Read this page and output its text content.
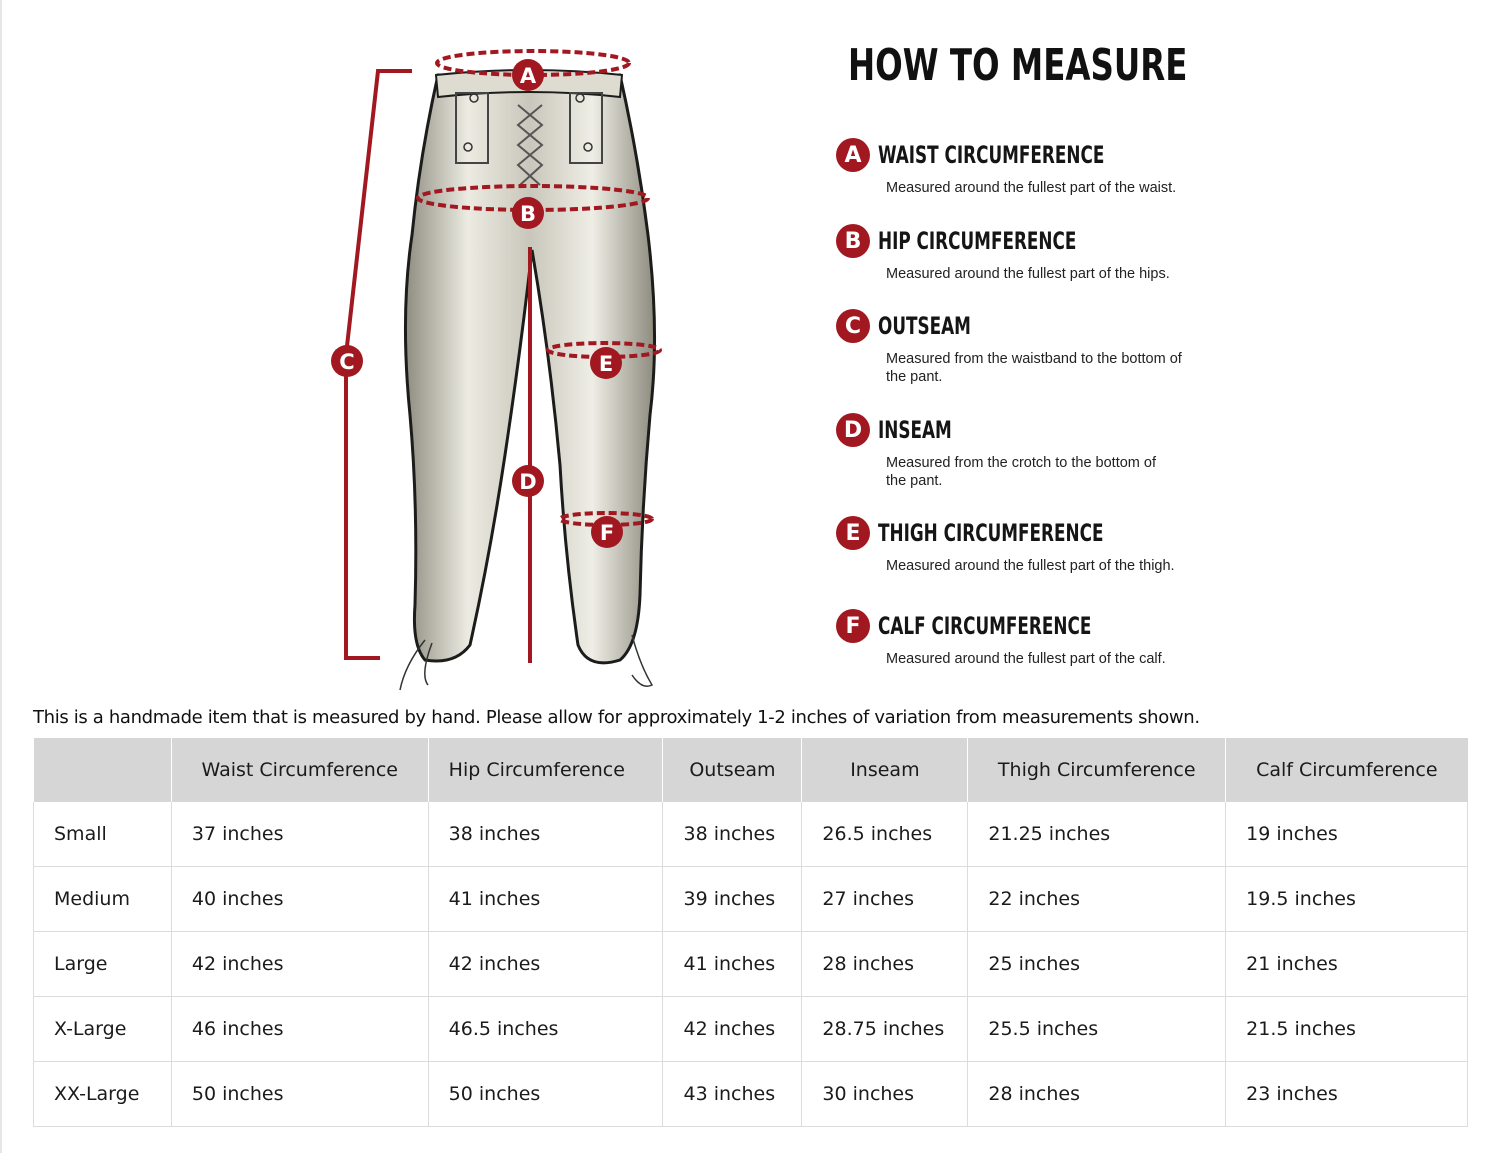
A
B
C
D
E
F
HOW TO MEASURE
A WAIST CIRCUMFERENCE
Measured around the fullest part of the waist.
B HIP CIRCUMFERENCE
Measured around the fullest part of the hips.
C OUTSEAM
Measured from the waistband to the bottom of the pant.
D INSEAM
Measured from the crotch to the bottom of the pant.
E THIGH CIRCUMFERENCE
Measured around the fullest part of the thigh.
F CALF CIRCUMFERENCE
Measured around the fullest part of the calf.
This is a handmade item that is measured by hand. Please allow for approximately 1-2 inches of variation from measurements shown.
	Waist Circumference	Hip Circumference	Outseam	Inseam	Thigh Circumference	Calf Circumference
Small	37 inches	38 inches	38 inches	26.5 inches	21.25 inches	19 inches
Medium	40 inches	41 inches	39 inches	27 inches	22 inches	19.5 inches
Large	42 inches	42 inches	41 inches	28 inches	25 inches	21 inches
X-Large	46 inches	46.5 inches	42 inches	28.75 inches	25.5 inches	21.5 inches
XX-Large	50 inches	50 inches	43 inches	30 inches	28 inches	23 inches
